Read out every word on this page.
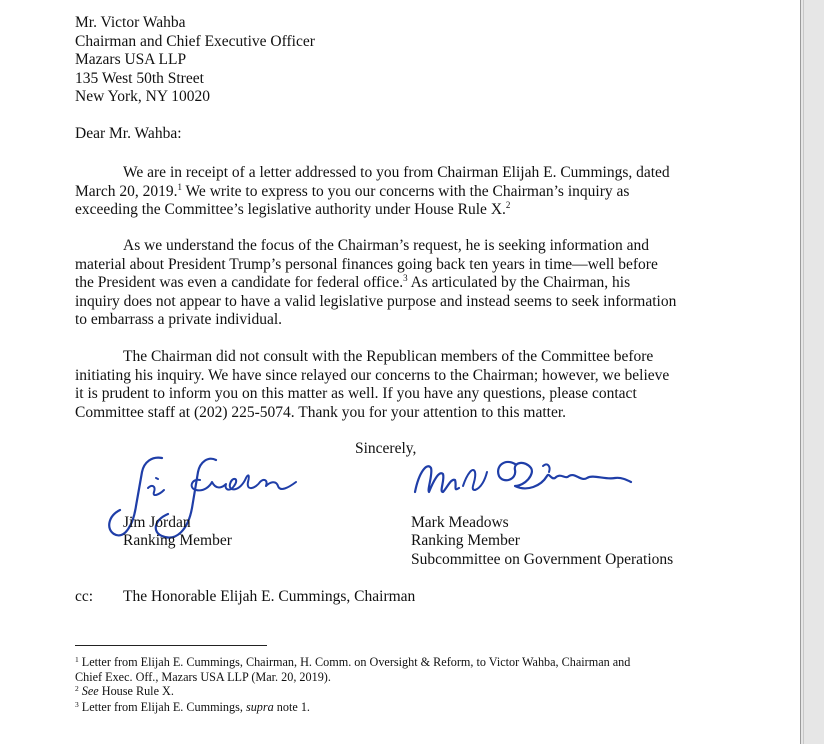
Mr. Victor Wahba
Chairman and Chief Executive Officer
Mazars USA LLP
135 West 50th Street
New York, NY 10020
Dear Mr. Wahba:
We are in receipt of a letter addressed to you from Chairman Elijah E. Cummings, dated
March 20, 2019.$^1$ We write to express to you our concerns with the Chairman’s inquiry as
exceeding the Committee’s legislative authority under House Rule X.$^2$
As we understand the focus of the Chairman’s request, he is seeking information and
material about President Trump’s personal finances going back ten years in time—well before
the President was even a candidate for federal office.$^3$ As articulated by the Chairman, his
inquiry does not appear to have a valid legislative purpose and instead seems to seek information
to embarrass a private individual.
The Chairman did not consult with the Republican members of the Committee before
initiating his inquiry. We have since relayed our concerns to the Chairman; however, we believe
it is prudent to inform you on this matter as well. If you have any questions, please contact
Committee staff at (202) 225-5074. Thank you for your attention to this matter.
Sincerely,
Jim Jordan
Ranking Member
Mark Meadows
Ranking Member
Subcommittee on Government Operations
cc: The Honorable Elijah E. Cummings, Chairman
$^1$ Letter from Elijah E. Cummings, Chairman, H. Comm. on Oversight & Reform, to Victor Wahba, Chairman and
Chief Exec. Off., Mazars USA LLP (Mar. 20, 2019).
$^2$ See House Rule X.
$^3$ Letter from Elijah E. Cummings, supra note 1.
